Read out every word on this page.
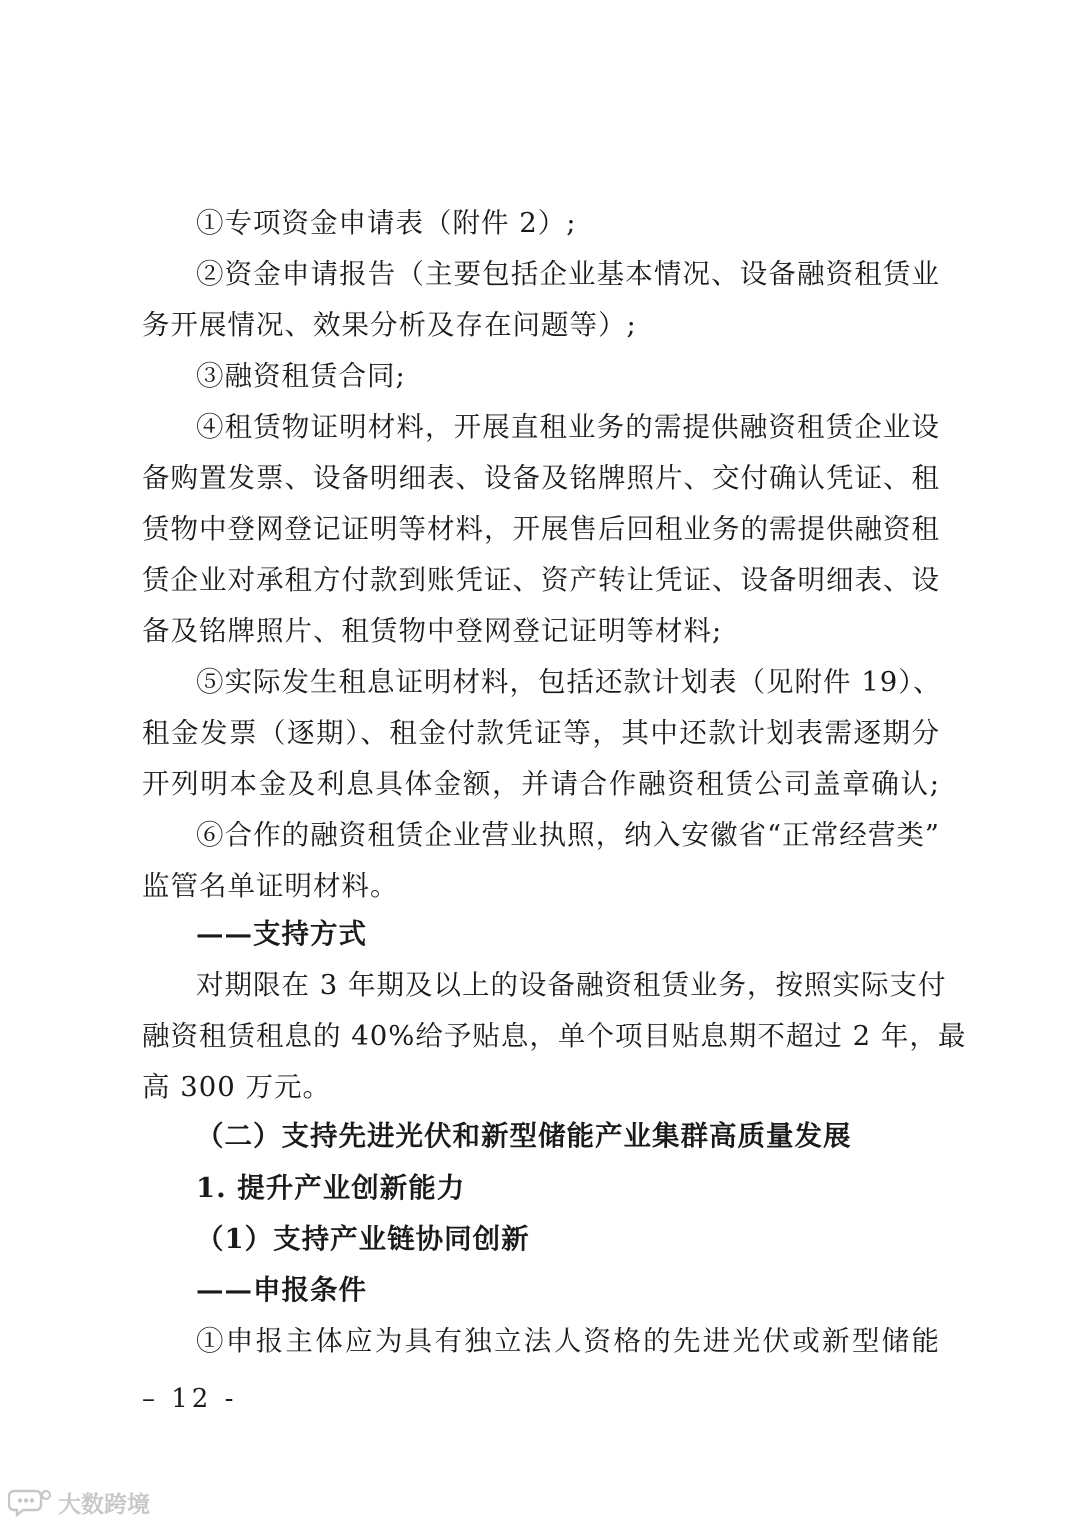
①专项资金申请表（附件 2）;
②资金申请报告（主要包括企业基本情况、设备融资租赁业
务开展情况、效果分析及存在问题等）;
③融资租赁合同;
④租赁物证明材料，开展直租业务的需提供融资租赁企业设
备购置发票、设备明细表、设备及铭牌照片、交付确认凭证、租
赁物中登网登记证明等材料，开展售后回租业务的需提供融资租
赁企业对承租方付款到账凭证、资产转让凭证、设备明细表、设
备及铭牌照片、租赁物中登网登记证明等材料;
⑤实际发生租息证明材料，包括还款计划表（见附件 19）、
租金发票（逐期）、租金付款凭证等，其中还款计划表需逐期分
开列明本金及利息具体金额，并请合作融资租赁公司盖章确认;
⑥合作的融资租赁企业营业执照，纳入安徽省“正常经营类”
监管名单证明材料。
——支持方式
对期限在 3 年期及以上的设备融资租赁业务，按照实际支付
融资租赁租息的 40%给予贴息，单个项目贴息期不超过 2 年，最
高 300 万元。
（二）支持先进光伏和新型储能产业集群高质量发展
1. 提升产业创新能力
（1）支持产业链协同创新
——申报条件
①申报主体应为具有独立法人资格的先进光伏或新型储能
– 12 -
大数跨境
